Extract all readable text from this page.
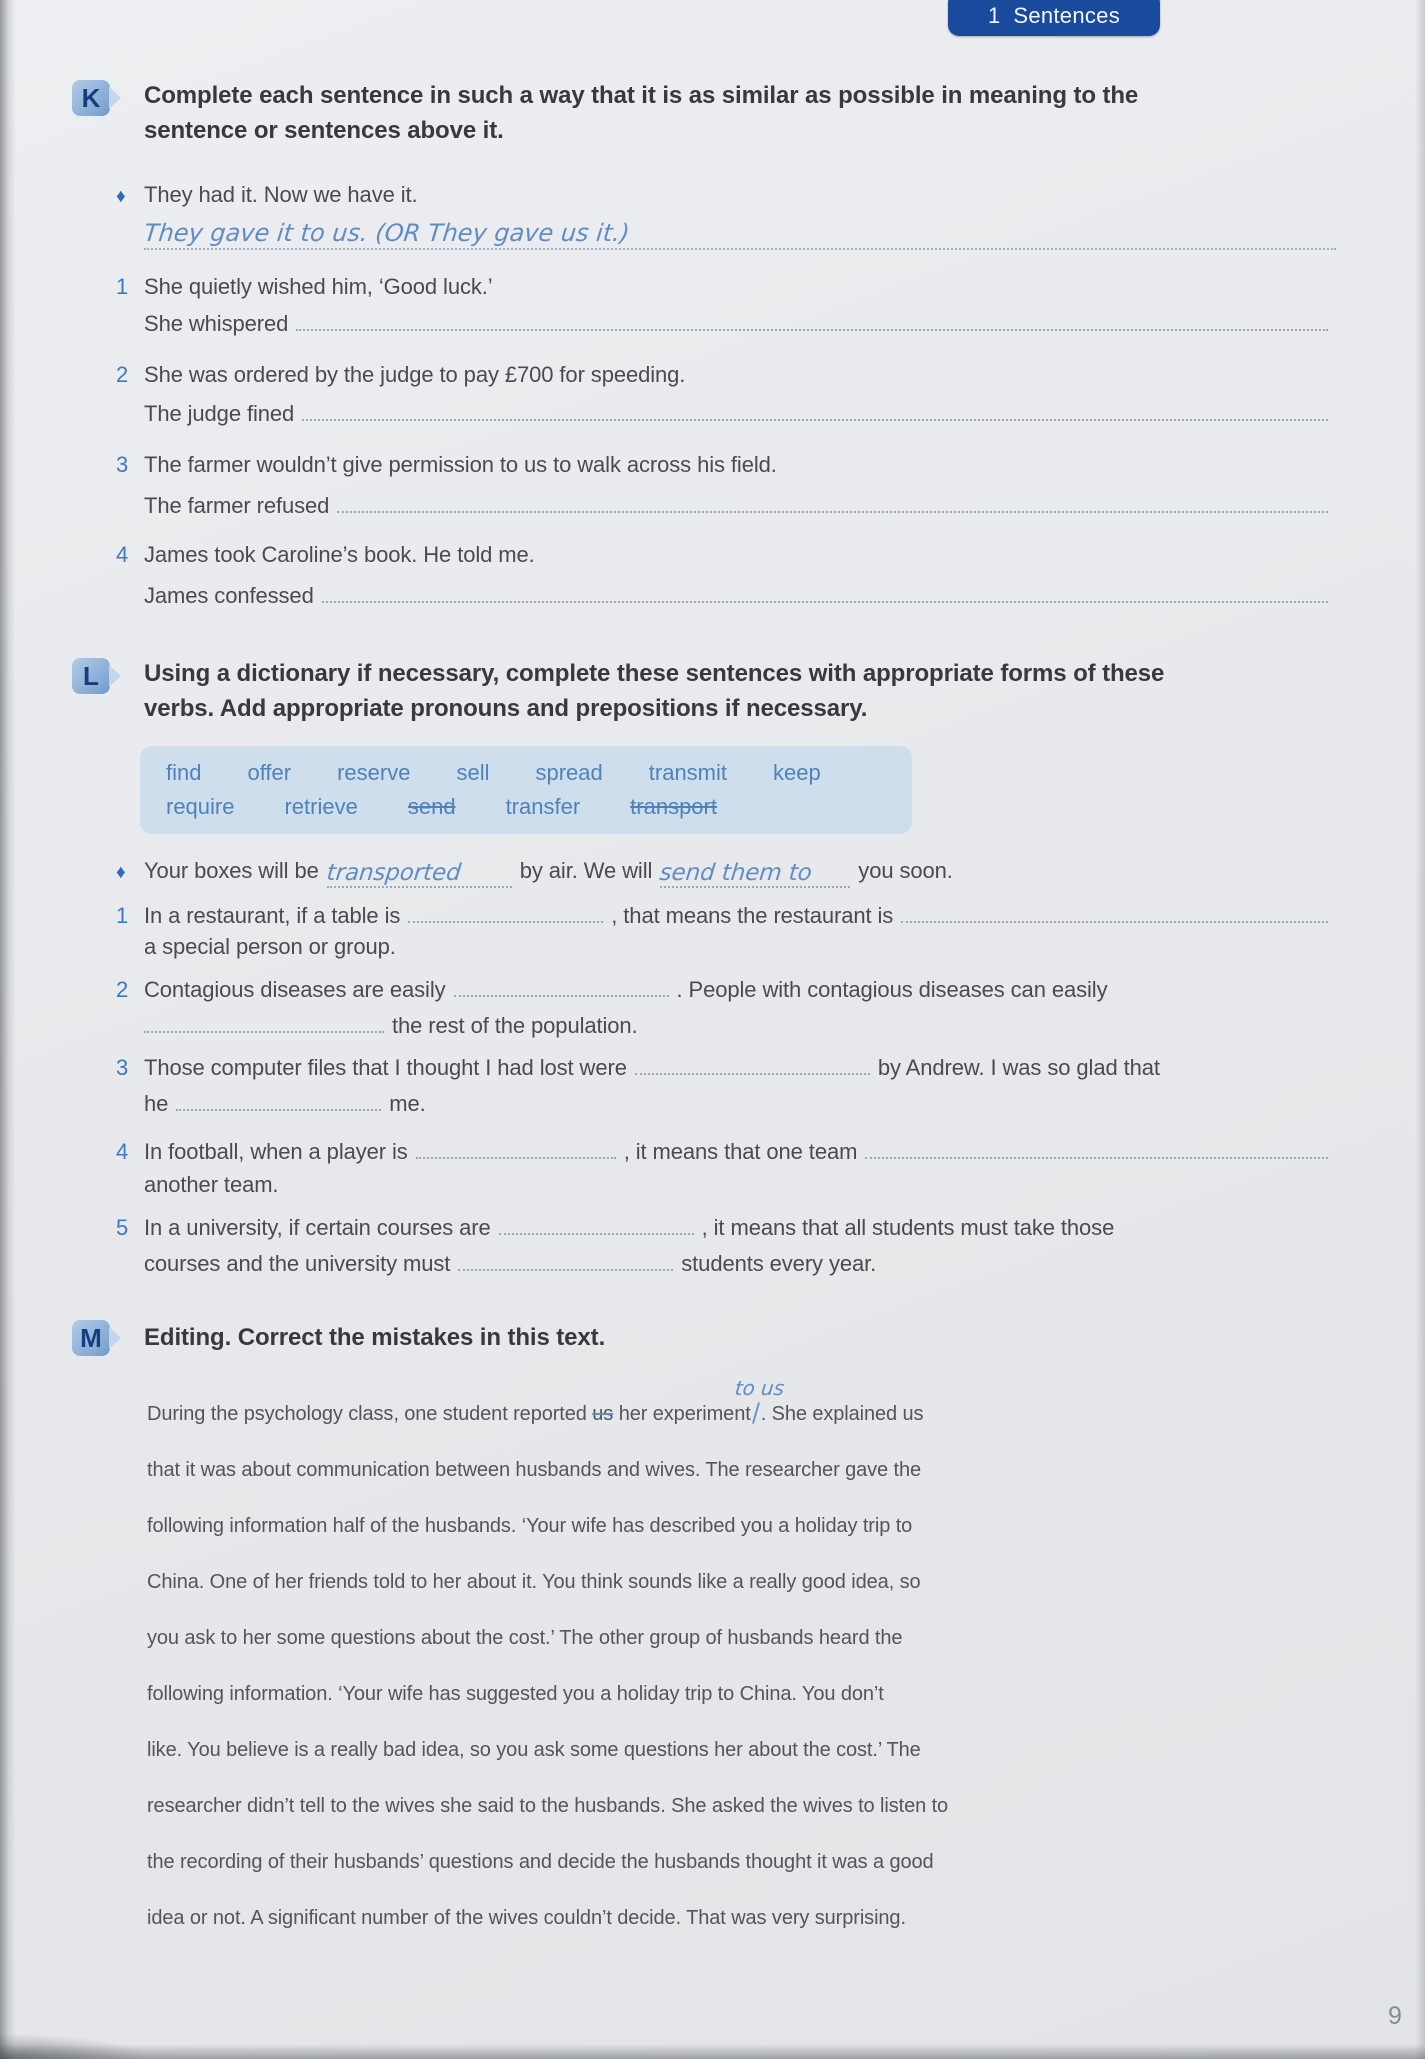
1  Sentences
K Complete each sentence in such a way that it is as similar as possible in meaning to the sentence or sentences above it.
♦ They had it. Now we have it.
They gave it to us. (OR They gave us it.)
1 She quietly wished him, ‘Good luck.’
She whispered
2 She was ordered by the judge to pay £700 for speeding.
The judge fined
3 The farmer wouldn’t give permission to us to walk across his field.
The farmer refused
4 James took Caroline’s book. He told me.
James confessed
L Using a dictionary if necessary, complete these sentences with appropriate forms of these verbs. Add appropriate pronouns and prepositions if necessary.
find offer reserve sell spread transmit keep
require retrieve send transfer transport
♦ Your boxes will be transported	by air. We will send them to you soon.
1 In a restaurant, if a table is	, that means the restaurant is
a special person or group.
2 Contagious diseases are easily	. People with contagious diseases can easily
the rest of the population.
3 Those computer files that I thought I had lost were	by Andrew. I was so glad that
he	me.
4 In football, when a player is	, it means that one team
another team.
5 In a university, if certain courses are	, it means that all students must take those
courses and the university must	students every year.
M Editing. Correct the mistakes in this text.
During the psychology class, one student reported us her experiment
to us
. She explained us
that it was about communication between husbands and wives. The researcher gave the
following information half of the husbands. ‘Your wife has described you a holiday trip to
China. One of her friends told to her about it. You think sounds like a really good idea, so
you ask to her some questions about the cost.’ The other group of husbands heard the
following information. ‘Your wife has suggested you a holiday trip to China. You don’t
like. You believe is a really bad idea, so you ask some questions her about the cost.’ The
researcher didn’t tell to the wives she said to the husbands. She asked the wives to listen to
the recording of their husbands’ questions and decide the husbands thought it was a good
idea or not. A significant number of the wives couldn’t decide. That was very surprising.
9
